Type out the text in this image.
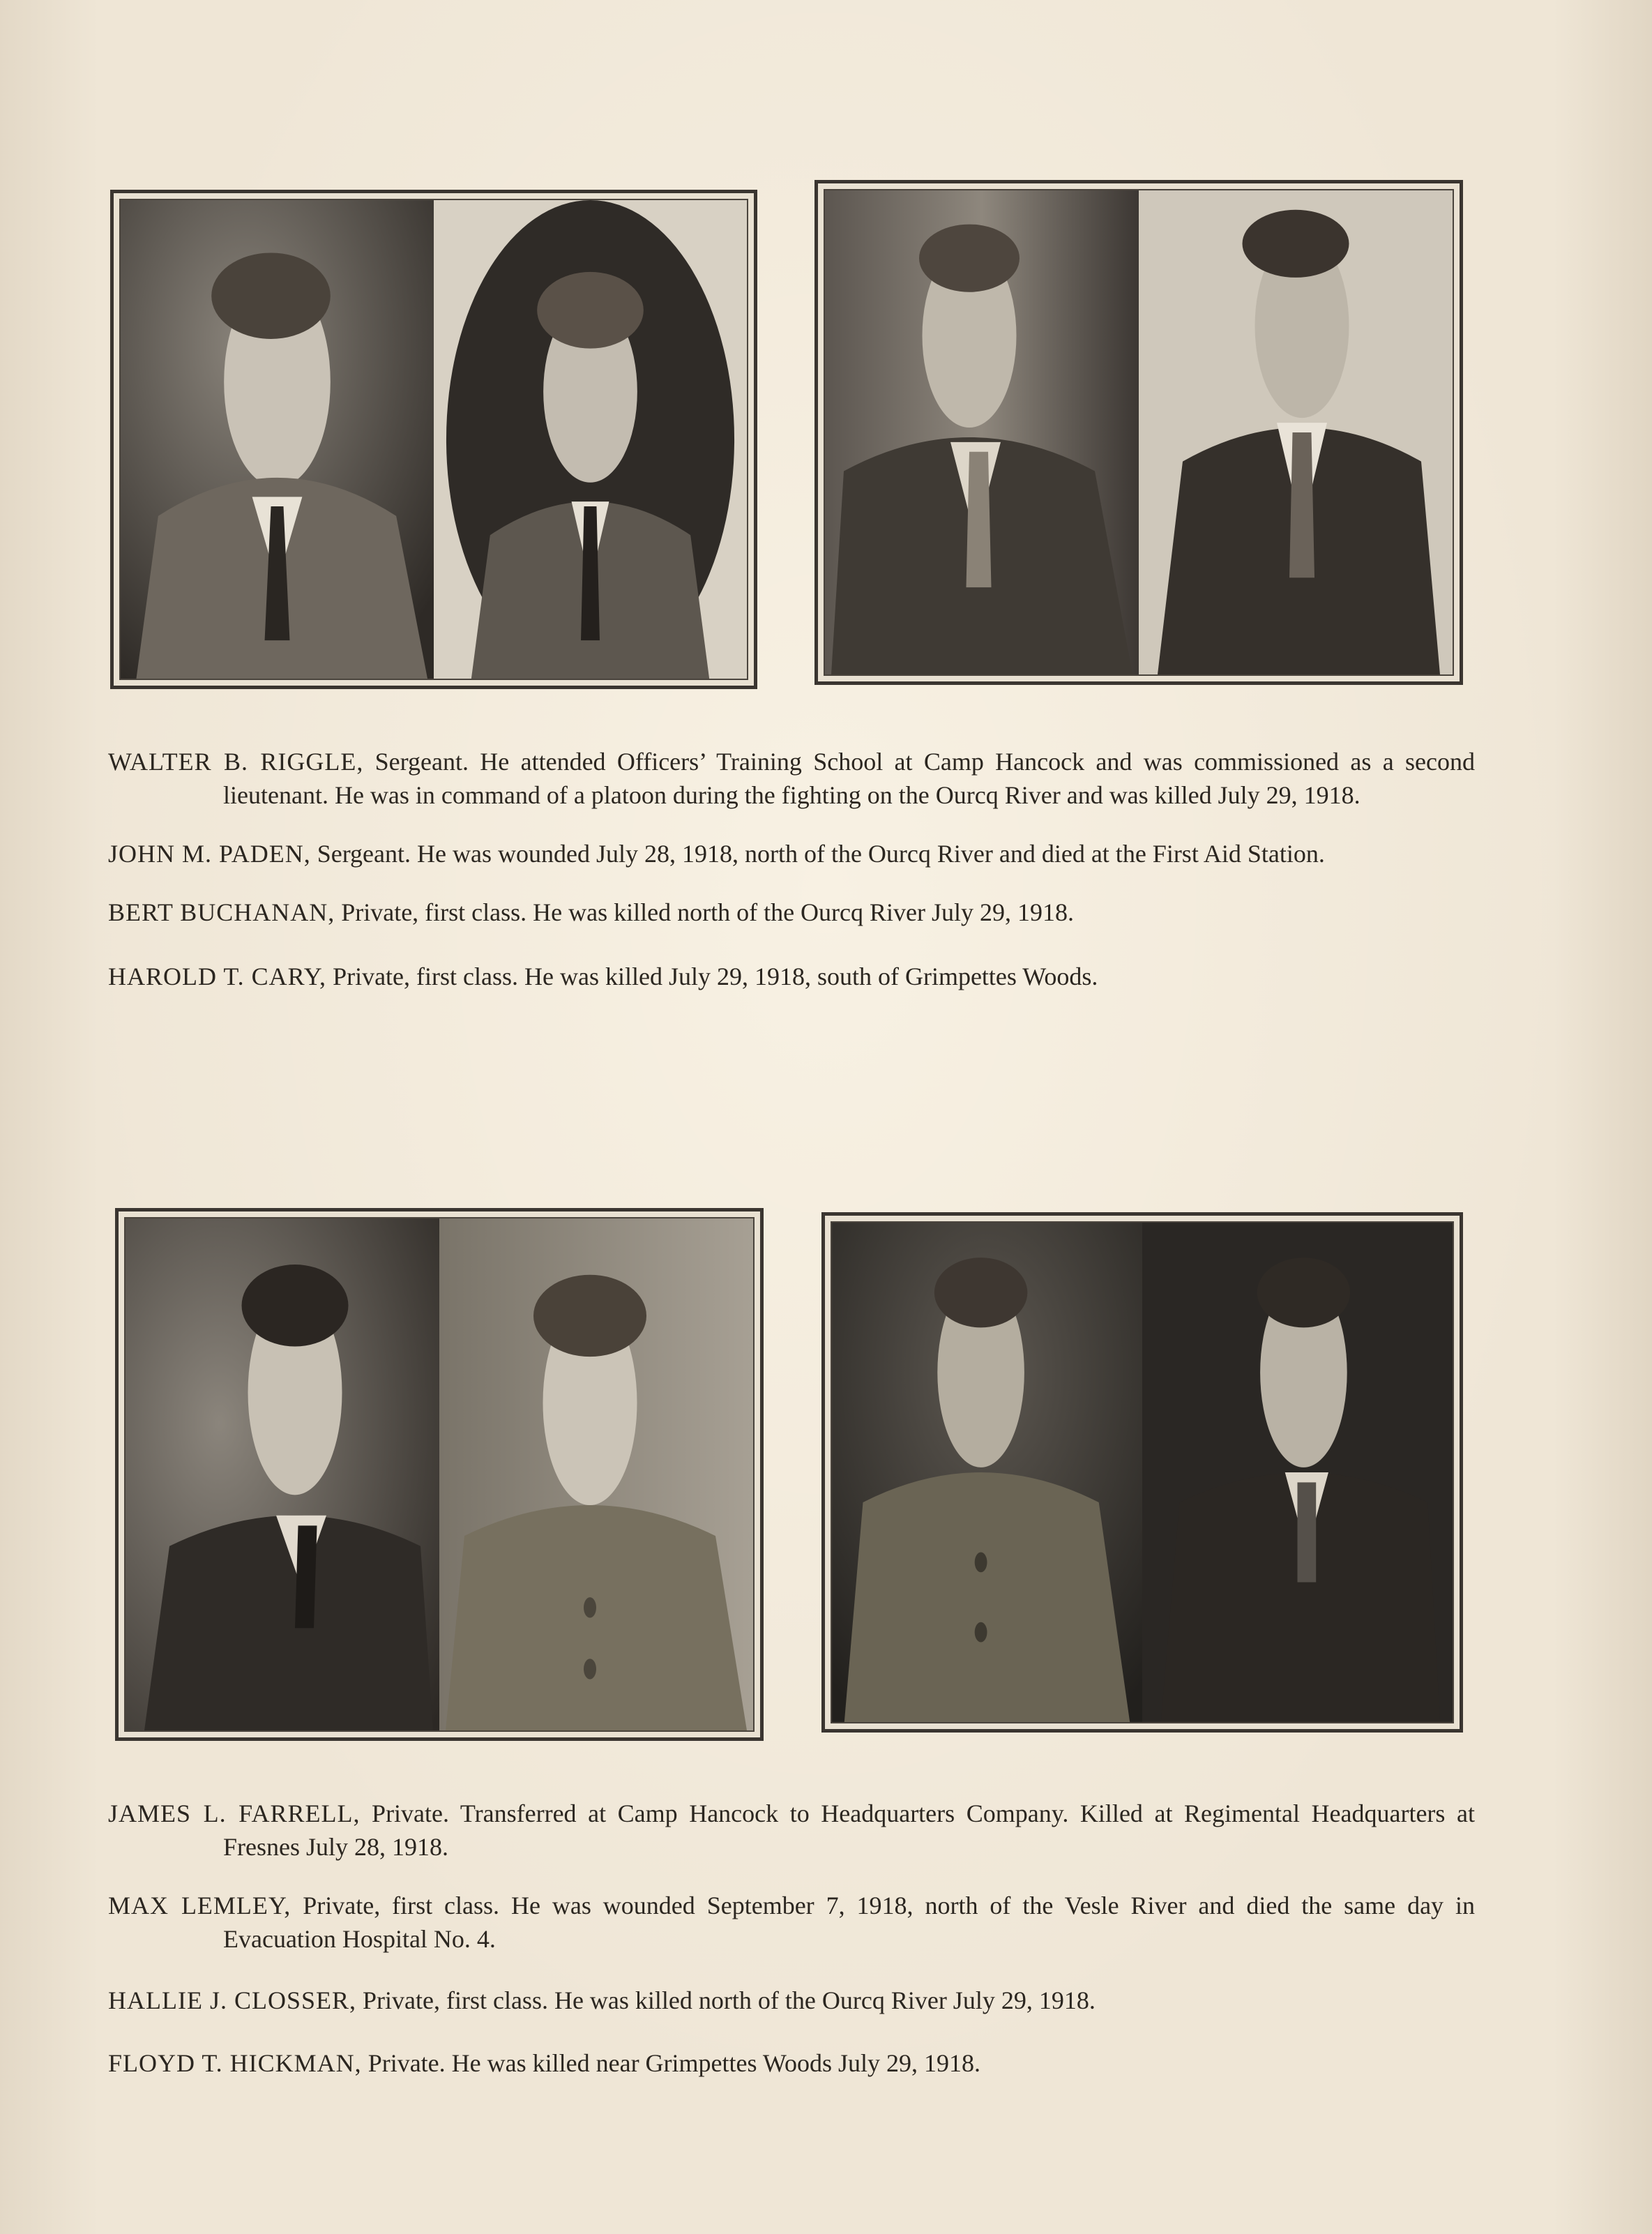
WALTER B. RIGGLE, Sergeant. He attended Officers’ Training School at Camp Hancock and was commissioned as a second lieutenant. He was in command of a platoon during the fighting on the Ourcq River and was killed July 29, 1918.

JOHN M. PADEN, Sergeant. He was wounded July 28, 1918, north of the Ourcq River and died at the First Aid Station.

BERT BUCHANAN, Private, first class. He was killed north of the Ourcq River July 29, 1918.

HAROLD T. CARY, Private, first class. He was killed July 29, 1918, south of Grimpettes Woods.

JAMES L. FARRELL, Private. Transferred at Camp Hancock to Headquarters Company. Killed at Regimental Headquarters at Fresnes July 28, 1918.

MAX LEMLEY, Private, first class. He was wounded September 7, 1918, north of the Vesle River and died the same day in Evacuation Hospital No. 4.

HALLIE J. CLOSSER, Private, first class. He was killed north of the Ourcq River July 29, 1918.

FLOYD T. HICKMAN, Private. He was killed near Grimpettes Woods July 29, 1918.
